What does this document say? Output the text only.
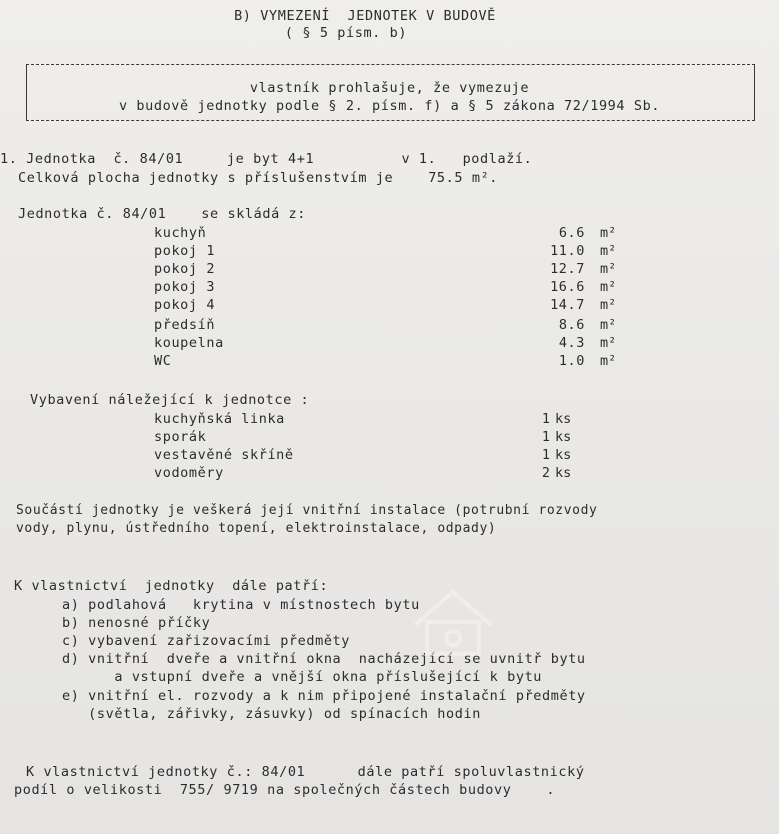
B) VYMEZENÍ  JEDNOTEK V BUDOVĚ
( § 5 písm. b)
vlastník prohlašuje, že vymezuje
v budově jednotky podle § 2. písm. f) a § 5 zákona 72/1994 Sb.
1. Jednotka  č. 84/01     je byt 4+1          v 1.   podlaží.
Celková plocha jednotky s příslušenstvím je    75.5 m².
Jednotka č. 84/01    se skládá z:
kuchyň	6.6 m²
pokoj 1	11.0 m²
pokoj 2	12.7 m²
pokoj 3	16.6 m²
pokoj 4	14.7 m²
předsíň	8.6 m²
koupelna	4.3 m²
WC	1.0 m²
Vybavení náležející k jednotce :
kuchyňská linka	1 ks
sporák	1 ks
vestavěné skříně	1 ks
vodoměry	2 ks
Součástí jednotky je veškerá její vnitřní instalace (potrubní rozvody
vody, plynu, ústředního topení, elektroinstalace, odpady)
K vlastnictví  jednotky  dále patří:
a) podlahová   krytina v místnostech bytu
b) nenosné příčky
c) vybavení zařizovacími předměty
d) vnitřní  dveře a vnitřní okna  nacházející se uvnitř bytu
a vstupní dveře a vnější okna příslušející k bytu
e) vnitřní el. rozvody a k nim připojené instalační předměty
(světla, zářivky, zásuvky) od spínacích hodin
K vlastnictví jednotky č.: 84/01      dále patří spoluvlastnický
podíl o velikosti  755/ 9719 na společných částech budovy    .
